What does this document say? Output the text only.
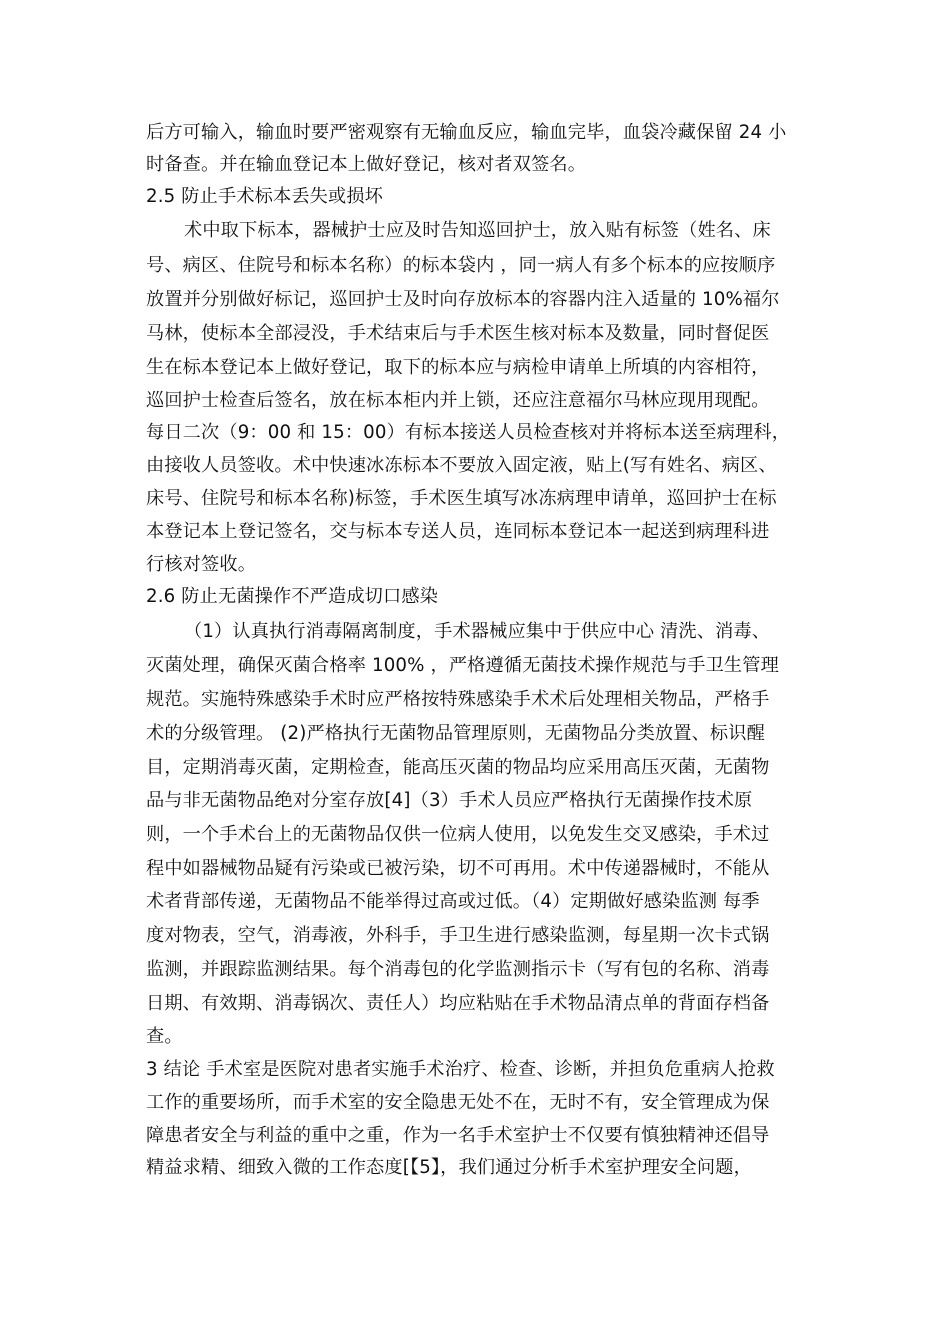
后方可输入，输血时要严密观察有无输血反应，输血完毕，血袋冷藏保留 24 小
时备查。并在输血登记本上做好登记，核对者双签名。
2.5 防止手术标本丢失或损坏
术中取下标本，器械护士应及时告知巡回护士，放入贴有标签（姓名、床
号、病区、住院号和标本名称）的标本袋内 ，同一病人有多个标本的应按顺序
放置并分别做好标记，巡回护士及时向存放标本的容器内注入适量的 10%福尔
马林，使标本全部浸没，手术结束后与手术医生核对标本及数量，同时督促医
生在标本登记本上做好登记，取下的标本应与病检申请单上所填的内容相符，
巡回护士检查后签名，放在标本柜内并上锁，还应注意福尔马林应现用现配。
每日二次（9：00 和 15：00）有标本接送人员检查核对并将标本送至病理科，
由接收人员签收。术中快速冰冻标本不要放入固定液，贴上(写有姓名、病区、
床号、住院号和标本名称)标签，手术医生填写冰冻病理申请单，巡回护士在标
本登记本上登记签名，交与标本专送人员，连同标本登记本一起送到病理科进
行核对签收。
2.6 防止无菌操作不严造成切口感染
（1）认真执行消毒隔离制度，手术器械应集中于供应中心 清洗、消毒、
灭菌处理，确保灭菌合格率 100% ，严格遵循无菌技术操作规范与手卫生管理
规范。实施特殊感染手术时应严格按特殊感染手术术后处理相关物品，严格手
术的分级管理。 (2)严格执行无菌物品管理原则，无菌物品分类放置、标识醒
目，定期消毒灭菌，定期检查，能高压灭菌的物品均应采用高压灭菌，无菌物
品与非无菌物品绝对分室存放[4]（3）手术人员应严格执行无菌操作技术原
则，一个手术台上的无菌物品仅供一位病人使用，以免发生交叉感染，手术过
程中如器械物品疑有污染或已被污染，切不可再用。术中传递器械时，不能从
术者背部传递，无菌物品不能举得过高或过低。（4）定期做好感染监测 每季
度对物表，空气，消毒液，外科手，手卫生进行感染监测，每星期一次卡式锅
监测，并跟踪监测结果。每个消毒包的化学监测指示卡（写有包的名称、消毒
日期、有效期、消毒锅次、责任人）均应粘贴在手术物品清点单的背面存档备
查。
3 结论 手术室是医院对患者实施手术治疗、检查、诊断，并担负危重病人抢救
工作的重要场所，而手术室的安全隐患无处不在，无时不有，安全管理成为保
障患者安全与利益的重中之重，作为一名手术室护士不仅要有慎独精神还倡导
精益求精、细致入微的工作态度[【5】，我们通过分析手术室护理安全问题，
